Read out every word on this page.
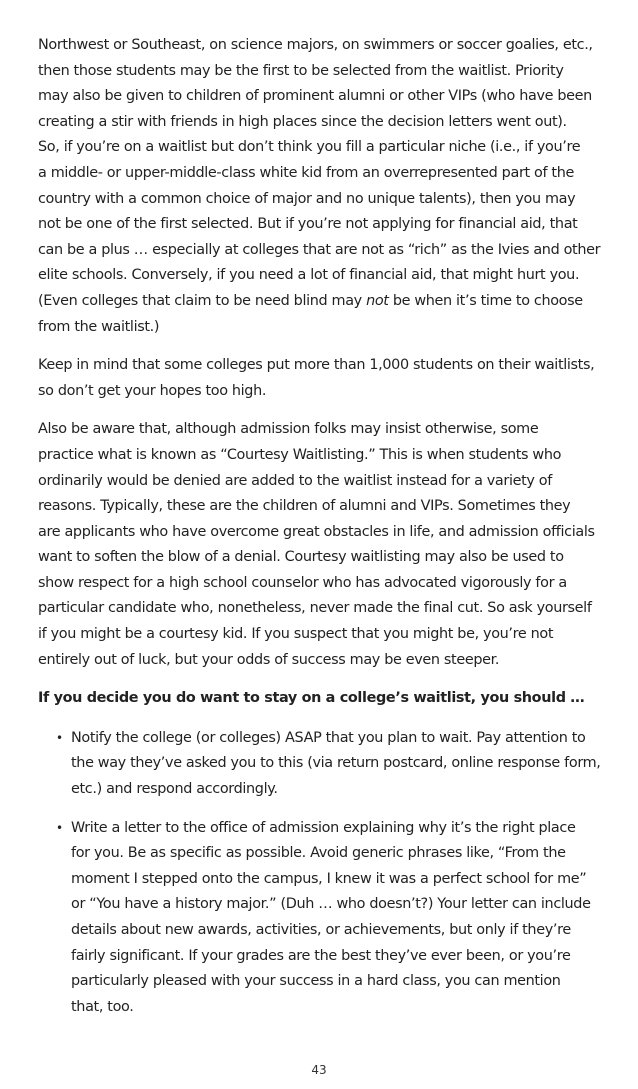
Northwest or Southeast, on science majors, on swimmers or soccer goalies, etc.,
then those students may be the first to be selected from the waitlist. Priority
may also be given to children of prominent alumni or other VIPs (who have been
creating a stir with friends in high places since the decision letters went out).
So, if you’re on a waitlist but don’t think you fill a particular niche (i.e., if you’re
a middle- or upper-middle-class white kid from an overrepresented part of the
country with a common choice of major and no unique talents), then you may
not be one of the first selected. But if you’re not applying for financial aid, that
can be a plus … especially at colleges that are not as “rich” as the Ivies and other
elite schools. Conversely, if you need a lot of financial aid, that might hurt you.
(Even colleges that claim to be need blind may not be when it’s time to choose
from the waitlist.)

Keep in mind that some colleges put more than 1,000 students on their waitlists,
so don’t get your hopes too high.

Also be aware that, although admission folks may insist otherwise, some
practice what is known as “Courtesy Waitlisting.” This is when students who
ordinarily would be denied are added to the waitlist instead for a variety of
reasons. Typically, these are the children of alumni and VIPs. Sometimes they
are applicants who have overcome great obstacles in life, and admission officials
want to soften the blow of a denial. Courtesy waitlisting may also be used to
show respect for a high school counselor who has advocated vigorously for a
particular candidate who, nonetheless, never made the final cut. So ask yourself
if you might be a courtesy kid. If you suspect that you might be, you’re not
entirely out of luck, but your odds of success may be even steeper.

If you decide you do want to stay on a college’s waitlist, you should …

• Notify the college (or colleges) ASAP that you plan to wait. Pay attention to
the way they’ve asked you to this (via return postcard, online response form,
etc.) and respond accordingly.
• Write a letter to the office of admission explaining why it’s the right place
for you. Be as specific as possible. Avoid generic phrases like, “From the
moment I stepped onto the campus, I knew it was a perfect school for me”
or “You have a history major.” (Duh … who doesn’t?) Your letter can include
details about new awards, activities, or achievements, but only if they’re
fairly significant. If your grades are the best they’ve ever been, or you’re
particularly pleased with your success in a hard class, you can mention
that, too.
43
